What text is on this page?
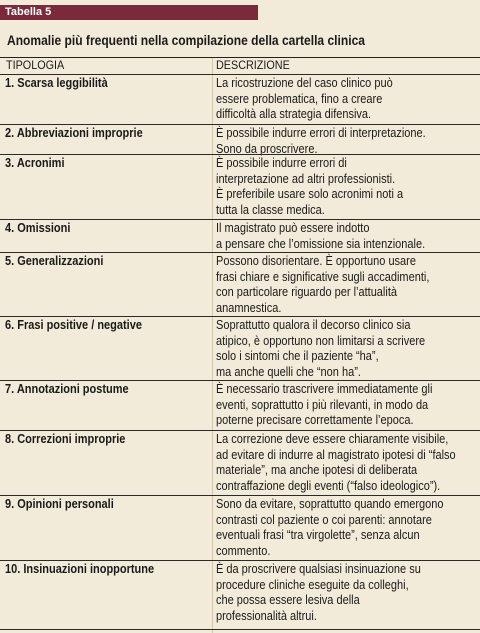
Tabella 5
Anomalie più frequenti nella compilazione della cartella clinica
TIPOLOGIA	DESCRIZIONE
1. Scarsa leggibilità	La ricostruzione del caso clinico può
essere problematica, fino a creare
difficoltà alla strategia difensiva.
2. Abbreviazioni improprie	È possibile indurre errori di interpretazione.
Sono da proscrivere.
3. Acronimi	È possibile indurre errori di
interpretazione ad altri professionisti.
È preferibile usare solo acronimi noti a
tutta la classe medica.
4. Omissioni	Il magistrato può essere indotto
a pensare che l’omissione sia intenzionale.
5. Generalizzazioni	Possono disorientare. È opportuno usare
frasi chiare e significative sugli accadimenti,
con particolare riguardo per l’attualità
anamnestica.
6. Frasi positive / negative	Soprattutto qualora il decorso clinico sia
atipico, è opportuno non limitarsi a scrivere
solo i sintomi che il paziente “ha”,
ma anche quelli che “non ha”.
7. Annotazioni postume	È necessario trascrivere immediatamente gli
eventi, soprattutto i più rilevanti, in modo da
poterne precisare correttamente l’epoca.
8. Correzioni improprie	La correzione deve essere chiaramente visibile,
ad evitare di indurre al magistrato ipotesi di “falso
materiale”, ma anche ipotesi di deliberata
contraffazione degli eventi (“falso ideologico”).
9. Opinioni personali	Sono da evitare, soprattutto quando emergono
contrasti col paziente o coi parenti: annotare
eventuali frasi “tra virgolette”, senza alcun
commento.
10. Insinuazioni inopportune	È da proscrivere qualsiasi insinuazione su
procedure cliniche eseguite da colleghi,
che possa essere lesiva della
professionalità altrui.
